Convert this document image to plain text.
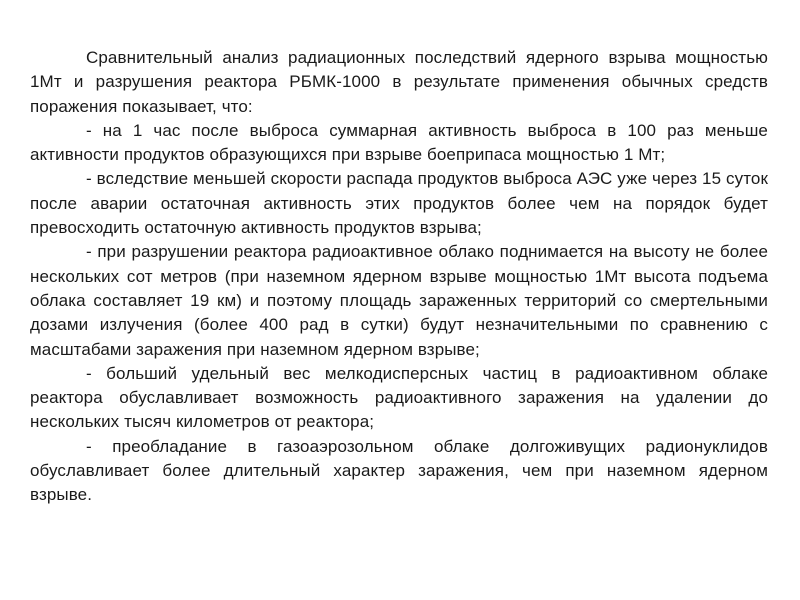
Сравнительный анализ радиационных последствий ядерного взрыва мощностью 1Мт и разрушения реактора РБМК-1000 в результате применения обычных средств поражения показывает, что:

- на 1 час после выброса суммарная активность выброса в 100 раз меньше активности продуктов образующихся при взрыве боеприпаса мощностью 1 Мт;

- вследствие меньшей скорости распада продуктов выброса АЭС уже через 15 суток после аварии остаточная активность этих продуктов более чем на порядок будет превосходить остаточную активность продуктов взрыва;

- при разрушении реактора радиоактивное облако поднимается на высоту не более нескольких сот метров (при наземном ядерном взрыве мощностью 1Мт высота подъема облака составляет 19 км) и поэтому площадь зараженных территорий со смертельными дозами излучения (более 400 рад в сутки) будут незначительными по сравнению с масштабами заражения при наземном ядерном взрыве;

- больший удельный вес мелкодисперсных частиц в радиоактивном облаке реактора обуславливает возможность радиоактивного заражения на удалении до нескольких тысяч километров от реактора;

- преобладание в газоаэрозольном облаке долгоживущих радионуклидов обуславливает более длительный характер заражения, чем при наземном ядерном взрыве.
